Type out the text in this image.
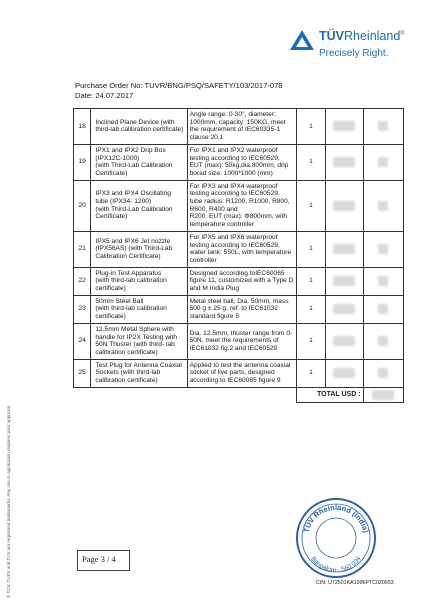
TÜVRheinland®
Precisely Right.
Purchase Order No: TUVR/BNG/PSQ/SAFETY/103/2017-078
Date: 24.07.2017
18	Inclined Plane Device (with third-lab calibration certificate)	Angle range: 0-30°, diameter: 1000mm, capacity: 150KG, meet the requirement of IEC60335-1 clause 20.1	1	

19	IPX1 and IPX2 Drip Box (IPX12C-1000)
(with Third-Lab Calibration Certificate)	For IPX1 and IPX2 waterproof testing according to IEC60529, EUT (max): 50kg,dia.800mm, drip borad size: 1000*1000 (mm)	1	

20	IPX3 and IPX4 Oscillating tube (IPX34- 1200)
(with Third-Lab Calibration Certificate)	For IPX3 and IPX4 waterproof testing according to IEC60529, tube radius: R1200, R1000, R800, R600, R400 and
R200. EUT (max): Φ800mm, with temperature controller	1	

21	IPX5 and IPX6 Jet nozzle (IPX56AS) (with Third-Lab Calibration Certificate)	For IPX5 and IPX6 waterproof testing according to IEC60529, water tank: 550L, with temperature controller	1	

22	Plug-in Test Apparatus
(with third-lab calibration certificate)	Designed according toIEC60065 figure 11, customized with a Type D and M India Plug	1	

23	50mm Steel Ball
(with third-lab calibration certificate)	Metal steel ball, Dia. 50mm, mass 500 g ± 25 g, ref. to IEC61032 standard figure 5	1	

24	12.5mm Metal Sphere with handle for IP2X Testing with 50N Thuster (with third- lab calibration certificate)	Dia. 12.5mm, thuster range from 0-50N, meet the requirements of IEC61032 fig.2 and IEC60529	1	

25	Test Plug for Antenna Coaxial Sockets (with third-lab calibration certificate)	Applied to test the antenna coaxial socket of live parts, designed according to IEC60065 figure 9	1	

			TOTAL USD :		
Page 3 / 4
TÜV Rheinland (India)
Bangalore - 560 034
CIN: U72501KA1996PTC020653
® TÜV, TUEV and TUV are registered trademarks. Any use or application requires prior approval.
